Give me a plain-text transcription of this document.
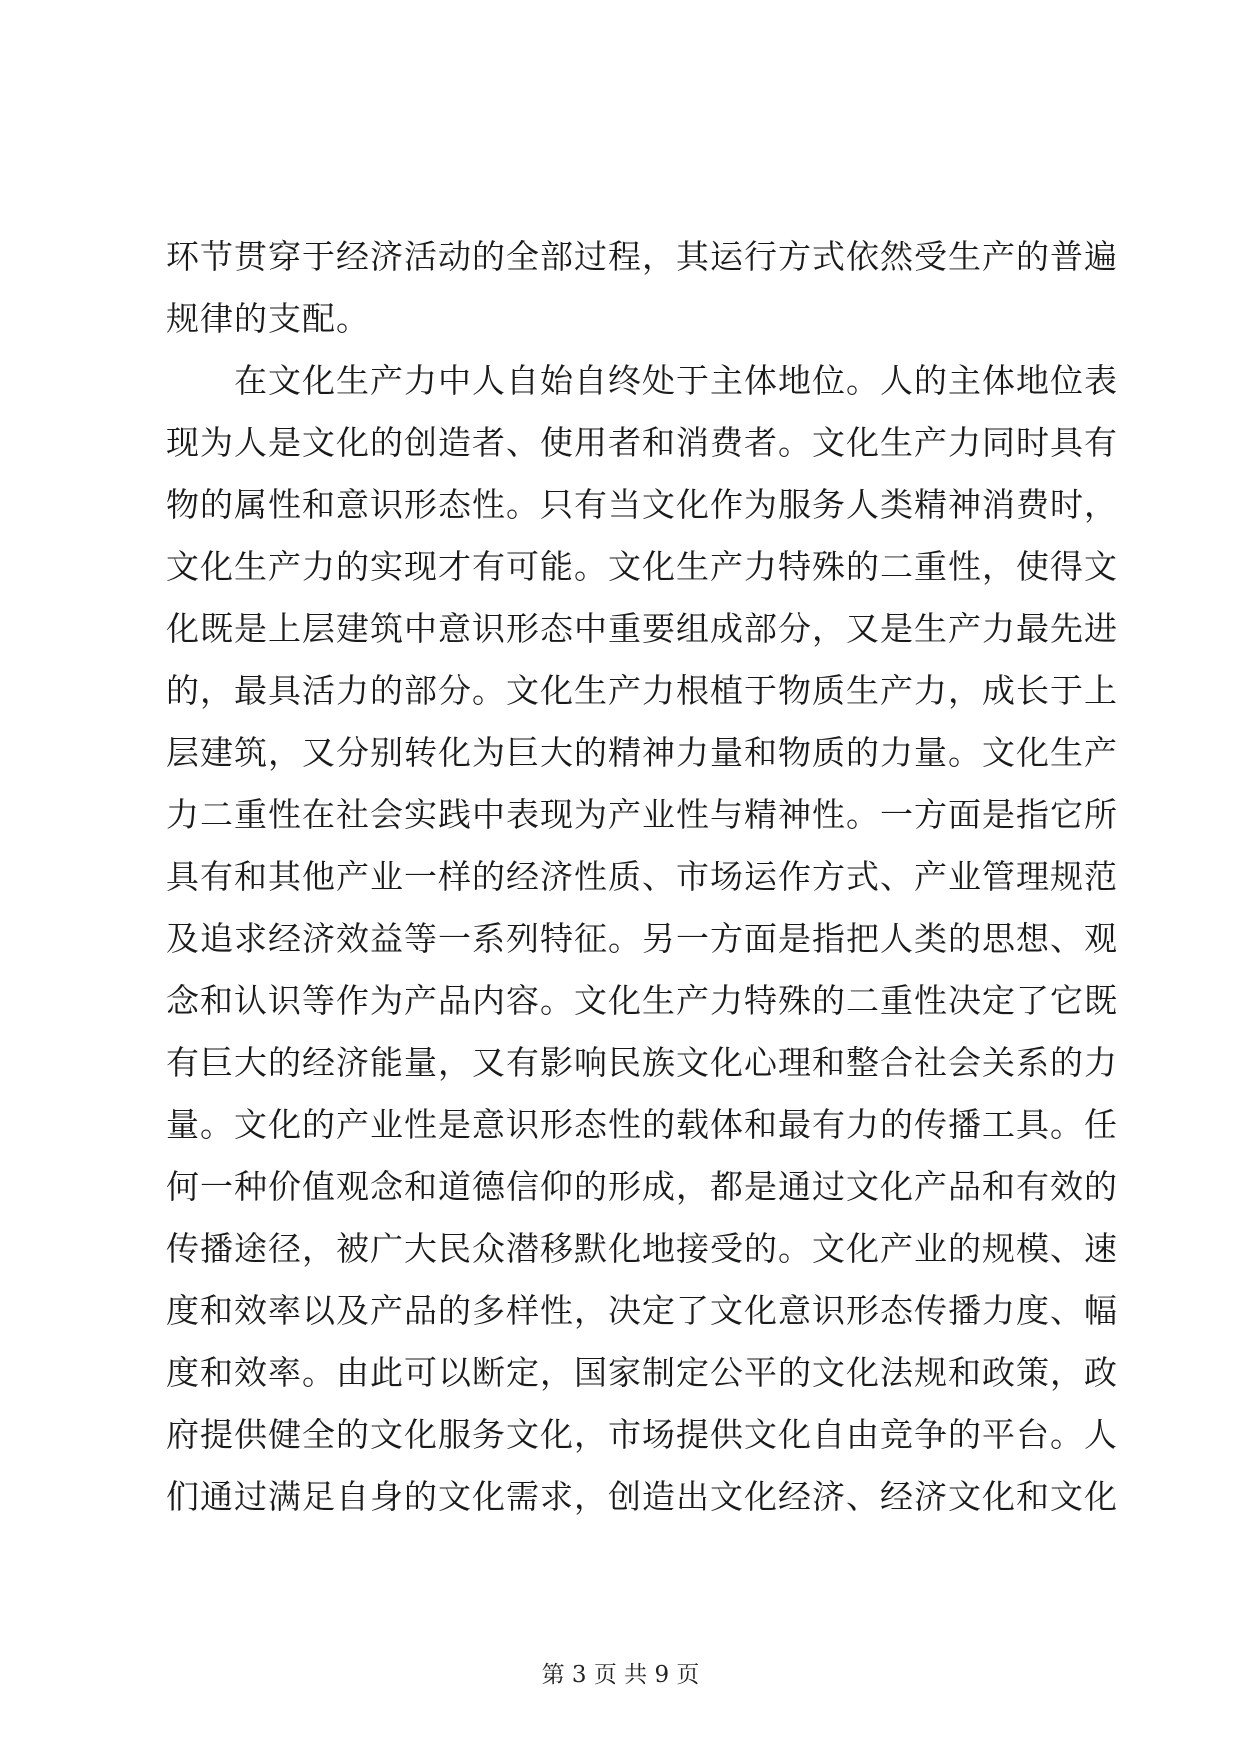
环节贯穿于经济活动的全部过程，其运行方式依然受生产的普遍
规律的支配。
　　在文化生产力中人自始自终处于主体地位。人的主体地位表
现为人是文化的创造者、使用者和消费者。文化生产力同时具有
物的属性和意识形态性。只有当文化作为服务人类精神消费时，
文化生产力的实现才有可能。文化生产力特殊的二重性，使得文
化既是上层建筑中意识形态中重要组成部分，又是生产力最先进
的，最具活力的部分。文化生产力根植于物质生产力，成长于上
层建筑，又分别转化为巨大的精神力量和物质的力量。文化生产
力二重性在社会实践中表现为产业性与精神性。一方面是指它所
具有和其他产业一样的经济性质、市场运作方式、产业管理规范
及追求经济效益等一系列特征。另一方面是指把人类的思想、观
念和认识等作为产品内容。文化生产力特殊的二重性决定了它既
有巨大的经济能量，又有影响民族文化心理和整合社会关系的力
量。文化的产业性是意识形态性的载体和最有力的传播工具。任
何一种价值观念和道德信仰的形成，都是通过文化产品和有效的
传播途径，被广大民众潜移默化地接受的。文化产业的规模、速
度和效率以及产品的多样性，决定了文化意识形态传播力度、幅
度和效率。由此可以断定，国家制定公平的文化法规和政策，政
府提供健全的文化服务文化，市场提供文化自由竞争的平台。人
们通过满足自身的文化需求，创造出文化经济、经济文化和文化
第 3 页 共 9 页
